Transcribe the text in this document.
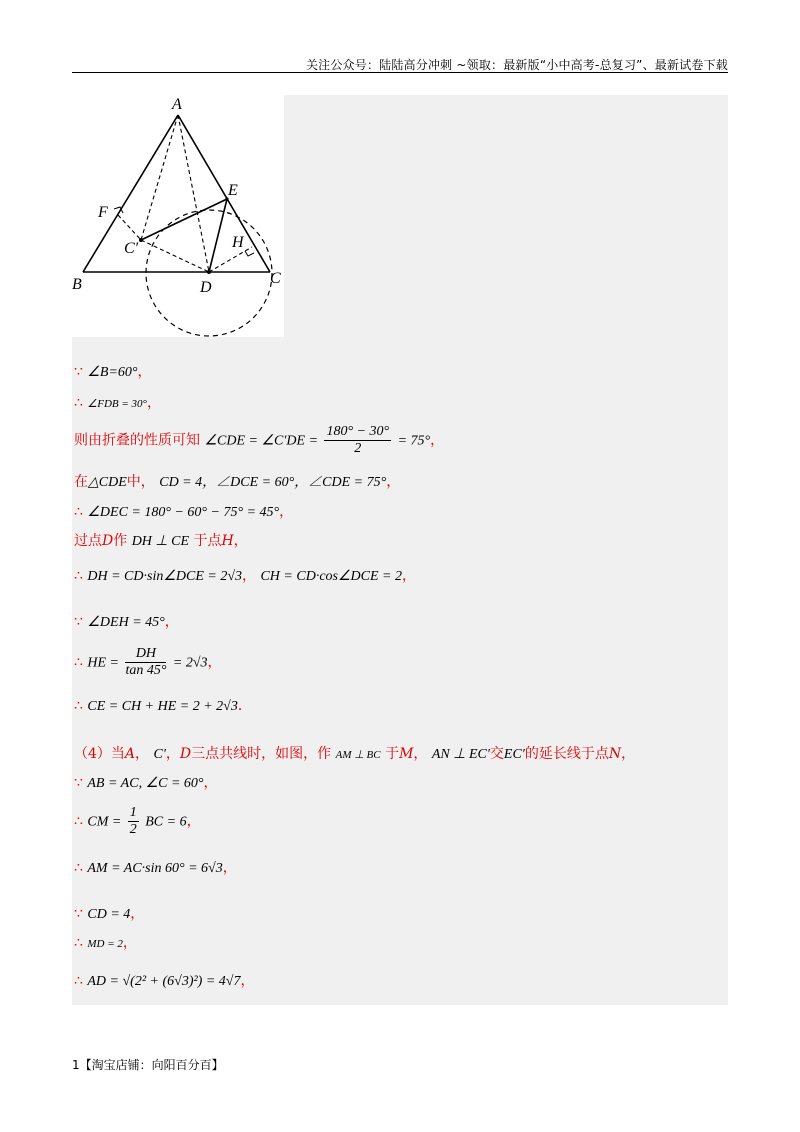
关注公众号：陆陆高分冲刺 ~领取：最新版“小中高考-总复习”、最新试卷下载
A
B	C
D
E
F
H
C′
∵ ∠B=60°，
∴ ∠FDB = 30°，
则由折叠的性质可知 ∠CDE = ∠C′DE = $\frac{180^\circ - 30^\circ}{2} = 75^\circ$，
在△CDE中， CD = 4，∠DCE = 60°，∠CDE = 75°，
∴ ∠DEC = 180° − 60° − 75° = 45°，
过点D作 DH ⊥ CE 于点H，
∴ DH = CD·sin∠DCE = 2√3， CH = CD·cos∠DCE = 2，
∵ ∠DEH = 45°，
∴ HE = $\frac{DH}{\tan 45^\circ} = 2√3$，
∴ CE = CH + HE = 2 + 2√3．
（4）当A， C′，D三点共线时，如图，作 AM ⊥ BC 于M， AN ⊥ EC′交EC′的延长线于点N，
∵ AB = AC, ∠C = 60°，
∴ CM = $\frac{1}{2}$ BC = 6，
∴ AM = AC·sin 60° = 6√3，
∵ CD = 4，
∴ MD = 2，
∴ AD = √(2² + (6√3)²) = 4√7，
1【淘宝店铺：向阳百分百】
